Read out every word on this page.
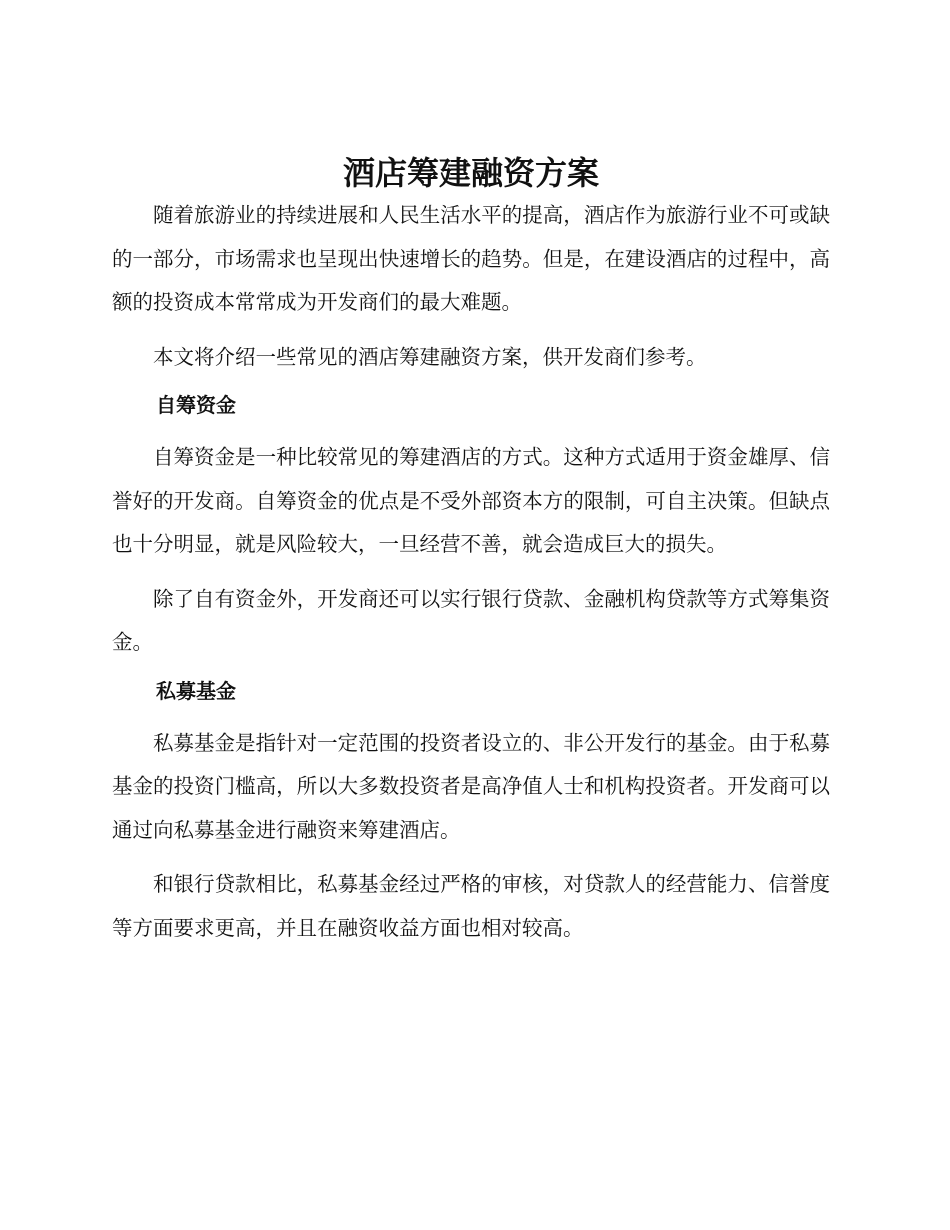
酒店筹建融资方案

随着旅游业的持续进展和人民生活水平的提高，酒店作为旅游行业不可或缺的一部分，市场需求也呈现出快速增长的趋势。但是，在建设酒店的过程中，高额的投资成本常常成为开发商们的最大难题。

本文将介绍一些常见的酒店筹建融资方案，供开发商们参考。

自筹资金

自筹资金是一种比较常见的筹建酒店的方式。这种方式适用于资金雄厚、信誉好的开发商。自筹资金的优点是不受外部资本方的限制，可自主决策。但缺点也十分明显，就是风险较大，一旦经营不善，就会造成巨大的损失。

除了自有资金外，开发商还可以实行银行贷款、金融机构贷款等方式筹集资金。

私募基金

私募基金是指针对一定范围的投资者设立的、非公开发行的基金。由于私募基金的投资门槛高，所以大多数投资者是高净值人士和机构投资者。开发商可以通过向私募基金进行融资来筹建酒店。

和银行贷款相比，私募基金经过严格的审核，对贷款人的经营能力、信誉度等方面要求更高，并且在融资收益方面也相对较高。
